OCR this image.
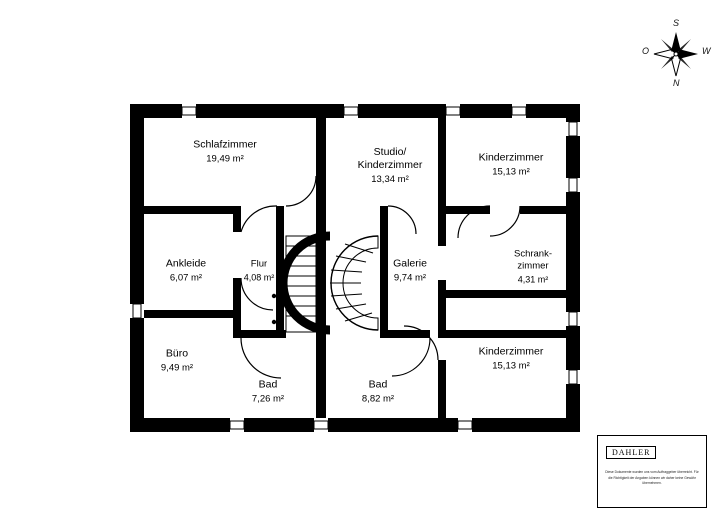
Schlafzimmer
19,49 m²
Studio/
Kinderzimmer
13,34 m²
Kinderzimmer
15,13 m²
Ankleide
6,07 m²
Flur
4,08 m²
Galerie
9,74 m²
Schrank-
zimmer
4,31 m²
Büro
9,49 m²
Kinderzimmer
15,13 m²
Bad
7,26 m²
Bad
8,82 m²
S
N
O	W
DAHLER
Diese Dokumente wurden uns vom Auftraggeber überreicht. Für die Richtigkeit der Angaben können wir daher keine Gewähr übernehmen.
